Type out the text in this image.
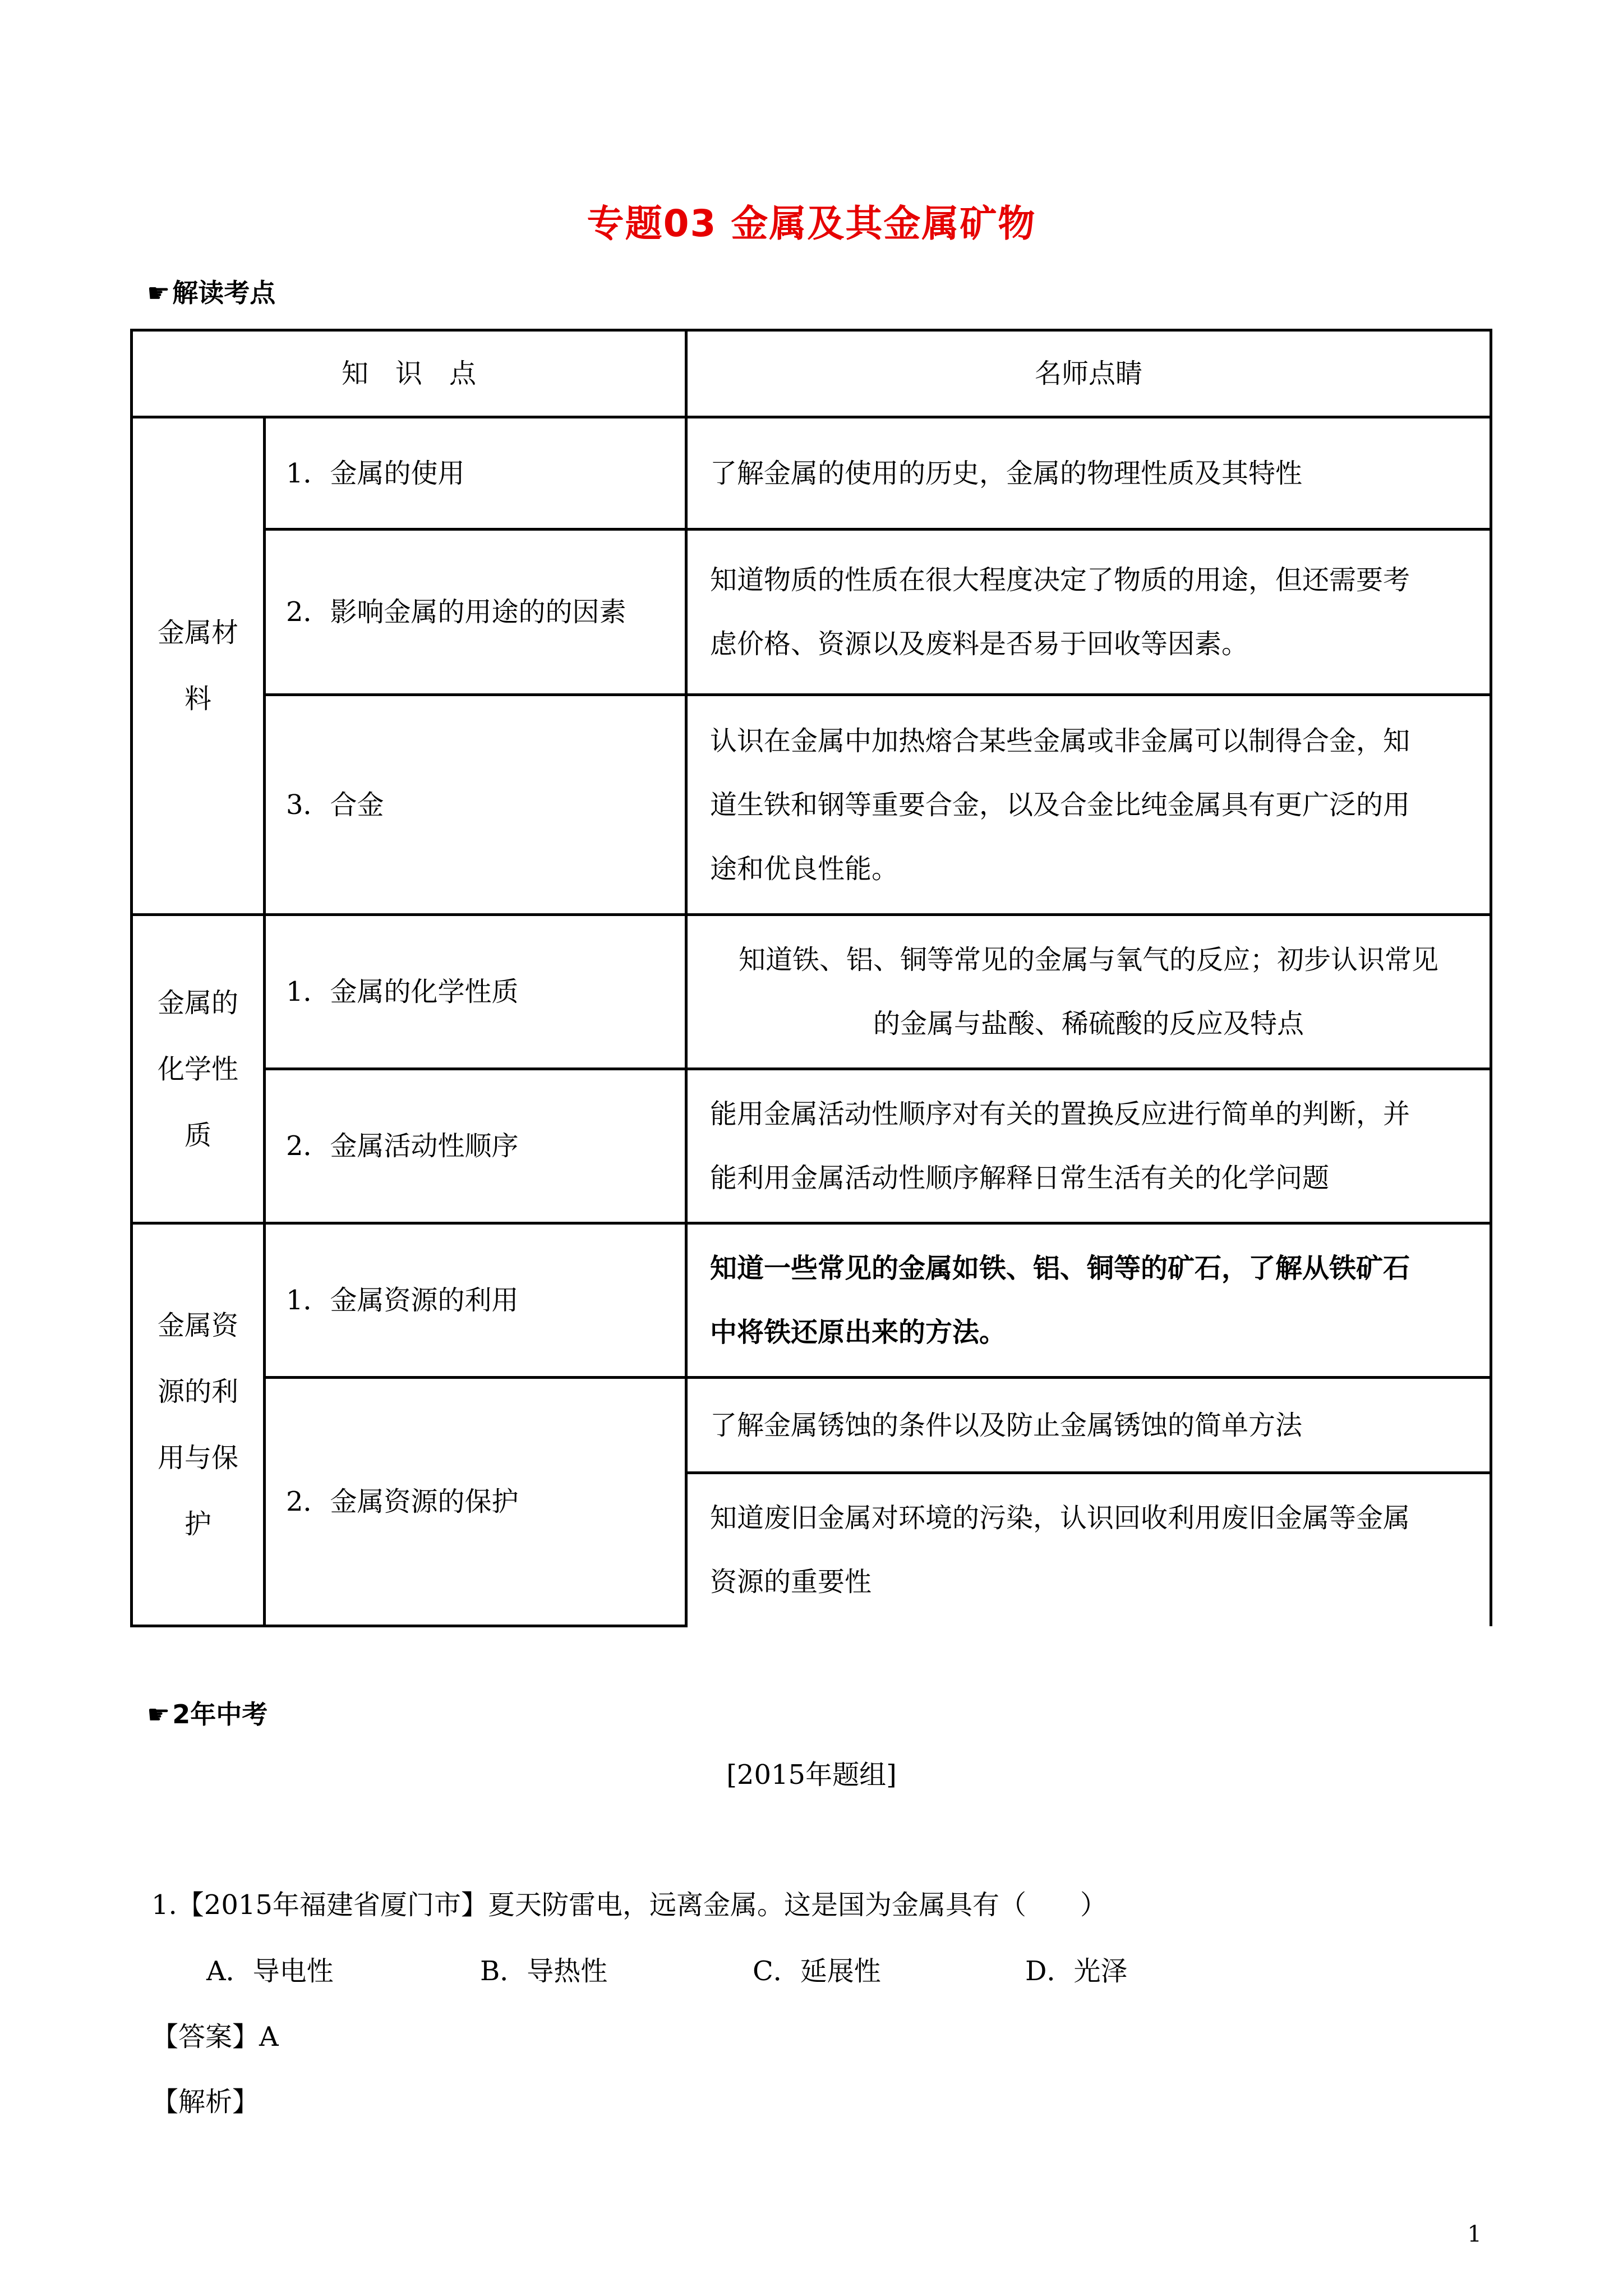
专题03 金属及其金属矿物
☛解读考点
知　识　点		名师点睛
金属材
料	1．金属的使用	了解金属的使用的历史，金属的物理性质及其特性
	2．影响金属的用途的的因素	知道物质的性质在很大程度决定了物质的用途，但还需要考
虑价格、资源以及废料是否易于回收等因素。
	3．合金	认识在金属中加热熔合某些金属或非金属可以制得合金，知
道生铁和钢等重要合金，以及合金比纯金属具有更广泛的用
途和优良性能。
金属的
化学性
质	1．金属的化学性质	知道铁、铝、铜等常见的金属与氧气的反应；初步认识常见
的金属与盐酸、稀硫酸的反应及特点
	2．金属活动性顺序	能用金属活动性顺序对有关的置换反应进行简单的判断，并
能利用金属活动性顺序解释日常生活有关的化学问题
金属资
源的利
用与保
护	1．金属资源的利用	知道一些常见的金属如铁、铝、铜等的矿石，了解从铁矿石
中将铁还原出来的方法。
	2．金属资源的保护	了解金属锈蚀的条件以及防止金属锈蚀的简单方法
		知道废旧金属对环境的污染，认识回收利用废旧金属等金属
资源的重要性
☛2年中考
[2015年题组]
1.【2015年福建省厦门市】夏天防雷电，远离金属。这是国为金属具有（　　）
A．导电性	B．导热性	C．延展性	D．光泽
【答案】A
【解析】
1
